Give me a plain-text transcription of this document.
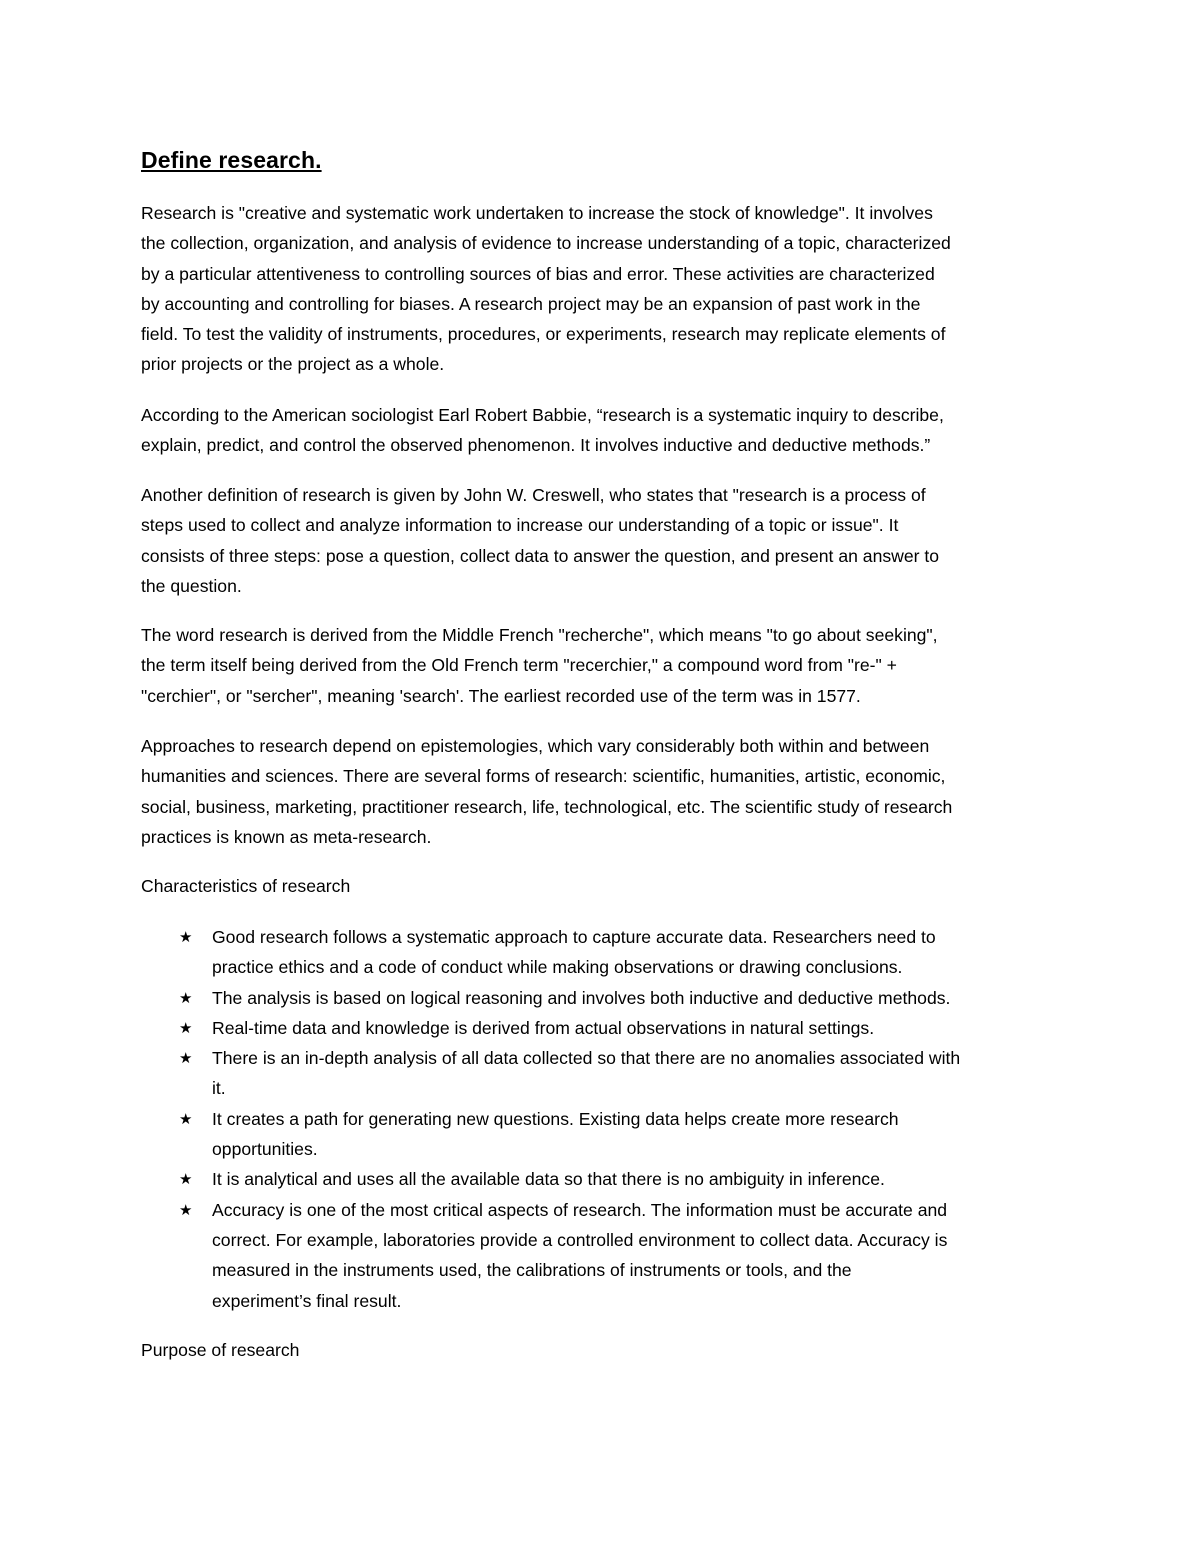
Define research.

Research is "creative and systematic work undertaken to increase the stock of knowledge". It involves
the collection, organization, and analysis of evidence to increase understanding of a topic, characterized
by a particular attentiveness to controlling sources of bias and error. These activities are characterized
by accounting and controlling for biases. A research project may be an expansion of past work in the
field. To test the validity of instruments, procedures, or experiments, research may replicate elements of
prior projects or the project as a whole.

According to the American sociologist Earl Robert Babbie, “research is a systematic inquiry to describe,
explain, predict, and control the observed phenomenon. It involves inductive and deductive methods.”

Another definition of research is given by John W. Creswell, who states that "research is a process of
steps used to collect and analyze information to increase our understanding of a topic or issue". It
consists of three steps: pose a question, collect data to answer the question, and present an answer to
the question.

The word research is derived from the Middle French "recherche", which means "to go about seeking",
the term itself being derived from the Old French term "recerchier," a compound word from "re-" +
"cerchier", or "sercher", meaning 'search'. The earliest recorded use of the term was in 1577.

Approaches to research depend on epistemologies, which vary considerably both within and between
humanities and sciences. There are several forms of research: scientific, humanities, artistic, economic,
social, business, marketing, practitioner research, life, technological, etc. The scientific study of research
practices is known as meta-research.

Characteristics of research

★ Good research follows a systematic approach to capture accurate data. Researchers need to
practice ethics and a code of conduct while making observations or drawing conclusions.
★ The analysis is based on logical reasoning and involves both inductive and deductive methods.
★ Real-time data and knowledge is derived from actual observations in natural settings.
★ There is an in-depth analysis of all data collected so that there are no anomalies associated with
it.
★ It creates a path for generating new questions. Existing data helps create more research
opportunities.
★ It is analytical and uses all the available data so that there is no ambiguity in inference.
★ Accuracy is one of the most critical aspects of research. The information must be accurate and
correct. For example, laboratories provide a controlled environment to collect data. Accuracy is
measured in the instruments used, the calibrations of instruments or tools, and the
experiment’s final result.

Purpose of research
